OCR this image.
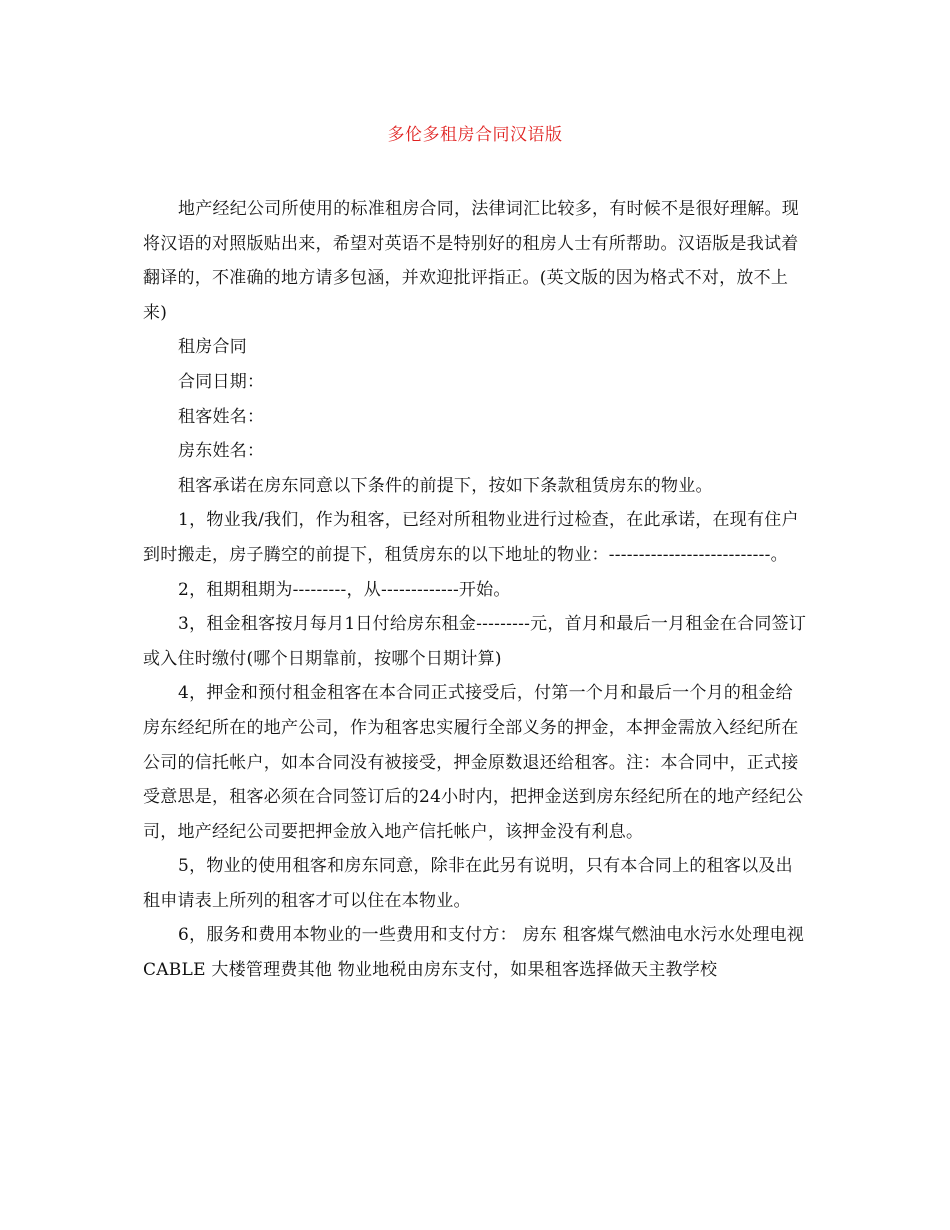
多伦多租房合同汉语版

地产经纪公司所使用的标准租房合同，法律词汇比较多，有时候不是很好理解。现将汉语的对照版贴出来，希望对英语不是特别好的租房人士有所帮助。汉语版是我试着翻译的，不准确的地方请多包涵，并欢迎批评指正。(英文版的因为格式不对，放不上来)

租房合同

合同日期：

租客姓名：

房东姓名：

租客承诺在房东同意以下条件的前提下，按如下条款租赁房东的物业。

1，物业我/我们，作为租客，已经对所租物业进行过检查，在此承诺，在现有住户到时搬走，房子腾空的前提下，租赁房东的以下地址的物业：---------------------------。

2，租期租期为---------，从-------------开始。

3，租金租客按月每月1日付给房东租金---------元，首月和最后一月租金在合同签订或入住时缴付(哪个日期靠前，按哪个日期计算)

4，押金和预付租金租客在本合同正式接受后，付第一个月和最后一个月的租金给房东经纪所在的地产公司，作为租客忠实履行全部义务的押金，本押金需放入经纪所在公司的信托帐户，如本合同没有被接受，押金原数退还给租客。注：本合同中，正式接受意思是，租客必须在合同签订后的24小时内，把押金送到房东经纪所在的地产经纪公司，地产经纪公司要把押金放入地产信托帐户，该押金没有利息。

5，物业的使用租客和房东同意，除非在此另有说明，只有本合同上的租客以及出租申请表上所列的租客才可以住在本物业。

6，服务和费用本物业的一些费用和支付方： 房东 租客煤气燃油电水污水处理电视CABLE 大楼管理费其他 物业地税由房东支付，如果租客选择做天主教学校
